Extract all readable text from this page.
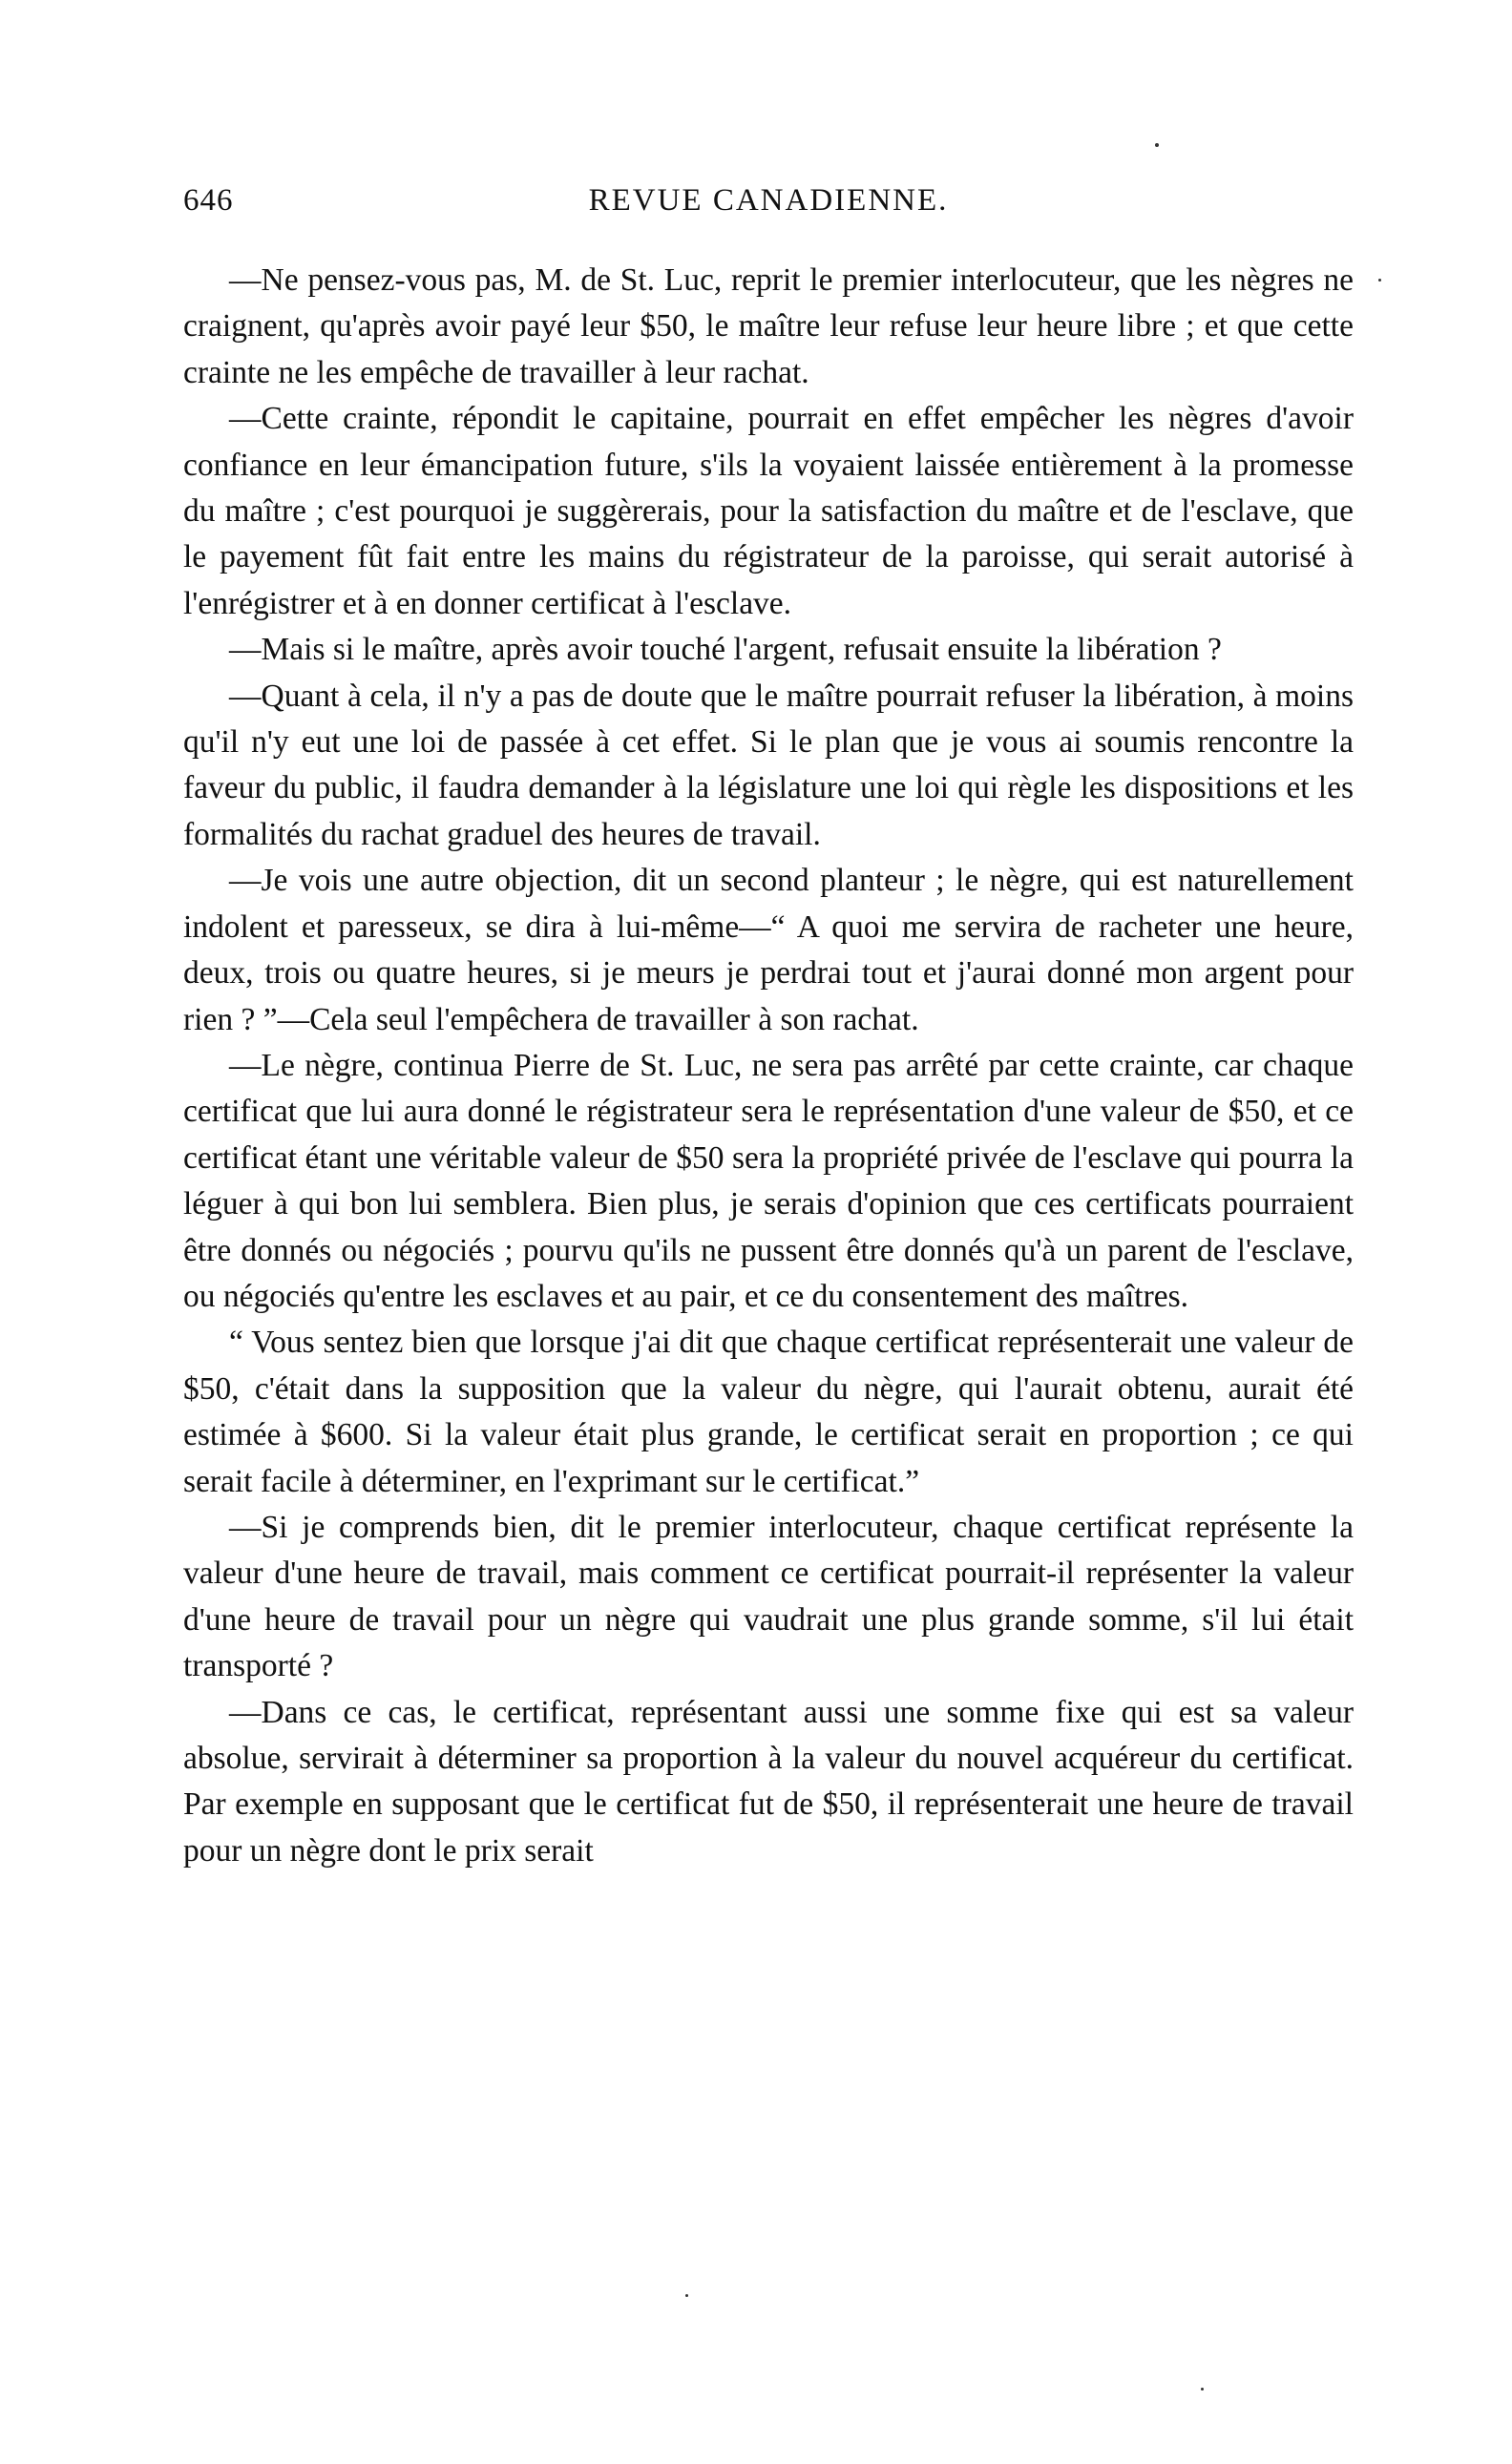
646	REVUE CANADIENNE.

—Ne pensez-vous pas, M. de St. Luc, reprit le premier interlocuteur, que les nègres ne craignent, qu'après avoir payé leur $50, le maître leur refuse leur heure libre ; et que cette crainte ne les empêche de travailler à leur rachat.

—Cette crainte, répondit le capitaine, pourrait en effet empêcher les nègres d'avoir confiance en leur émancipation future, s'ils la voyaient laissée entièrement à la promesse du maître ; c'est pourquoi je suggèrerais, pour la satisfaction du maître et de l'esclave, que le payement fût fait entre les mains du régistrateur de la paroisse, qui serait autorisé à l'enrégistrer et à en donner certificat à l'esclave.

—Mais si le maître, après avoir touché l'argent, refusait ensuite la libération ?

—Quant à cela, il n'y a pas de doute que le maître pourrait refuser la libération, à moins qu'il n'y eut une loi de passée à cet effet. Si le plan que je vous ai soumis rencontre la faveur du public, il faudra demander à la législature une loi qui règle les dispositions et les formalités du rachat graduel des heures de travail.

—Je vois une autre objection, dit un second planteur ; le nègre, qui est naturellement indolent et paresseux, se dira à lui-même—“ A quoi me servira de racheter une heure, deux, trois ou quatre heures, si je meurs je perdrai tout et j'aurai donné mon argent pour rien ? ”—Cela seul l'empêchera de travailler à son rachat.

—Le nègre, continua Pierre de St. Luc, ne sera pas arrêté par cette crainte, car chaque certificat que lui aura donné le régistrateur sera le représentation d'une valeur de $50, et ce certificat étant une véritable valeur de $50 sera la propriété privée de l'esclave qui pourra la léguer à qui bon lui semblera. Bien plus, je serais d'opinion que ces certificats pourraient être donnés ou négociés ; pourvu qu'ils ne pussent être donnés qu'à un parent de l'esclave, ou négociés qu'entre les esclaves et au pair, et ce du consentement des maîtres.

“ Vous sentez bien que lorsque j'ai dit que chaque certificat représenterait une valeur de $50, c'était dans la supposition que la valeur du nègre, qui l'aurait obtenu, aurait été estimée à $600. Si la valeur était plus grande, le certificat serait en proportion ; ce qui serait facile à déterminer, en l'exprimant sur le certificat.”

—Si je comprends bien, dit le premier interlocuteur, chaque certificat représente la valeur d'une heure de travail, mais comment ce certificat pourrait-il représenter la valeur d'une heure de travail pour un nègre qui vaudrait une plus grande somme, s'il lui était transporté ?

—Dans ce cas, le certificat, représentant aussi une somme fixe qui est sa valeur absolue, servirait à déterminer sa proportion à la valeur du nouvel acquéreur du certificat. Par exemple en supposant que le certificat fut de $50, il représenterait une heure de travail pour un nègre dont le prix serait
